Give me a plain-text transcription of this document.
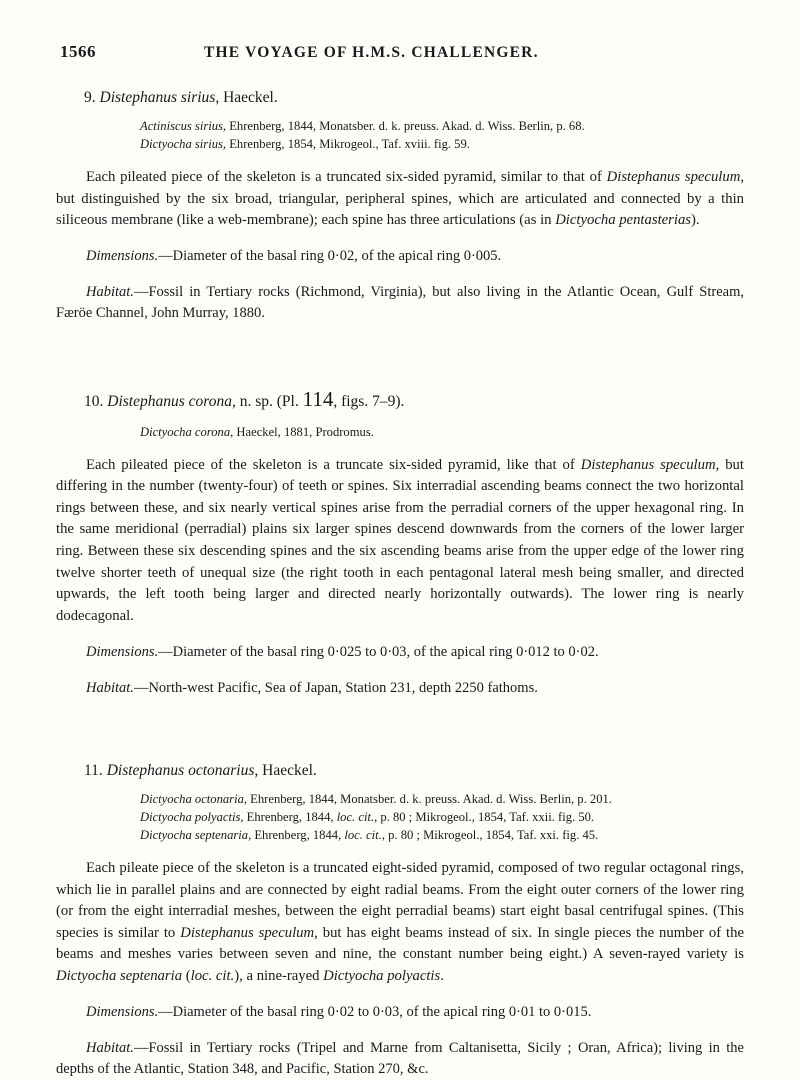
1566	THE VOYAGE OF H.M.S. CHALLENGER.
9. Distephanus sirius, Haeckel.
Actiniscus sirius, Ehrenberg, 1844, Monatsber. d. k. preuss. Akad. d. Wiss. Berlin, p. 68.
Dictyocha sirius, Ehrenberg, 1854, Mikrogeol., Taf. xviii. fig. 59.

Each pileated piece of the skeleton is a truncated six-sided pyramid, similar to that of Distephanus speculum, but distinguished by the six broad, triangular, peripheral spines, which are articulated and connected by a thin siliceous membrane (like a web-membrane); each spine has three articulations (as in Dictyocha pentasterias).

Dimensions.—Diameter of the basal ring 0·02, of the apical ring 0·005.

Habitat.—Fossil in Tertiary rocks (Richmond, Virginia), but also living in the Atlantic Ocean, Gulf Stream, Færöe Channel, John Murray, 1880.

10. Distephanus corona, n. sp. (Pl. 114, figs. 7–9).
Dictyocha corona, Haeckel, 1881, Prodromus.

Each pileated piece of the skeleton is a truncate six-sided pyramid, like that of Distephanus speculum, but differing in the number (twenty-four) of teeth or spines. Six interradial ascending beams connect the two horizontal rings between these, and six nearly vertical spines arise from the perradial corners of the upper hexagonal ring. In the same meridional (perradial) plains six larger spines descend downwards from the corners of the lower larger ring. Between these six descending spines and the six ascending beams arise from the upper edge of the lower ring twelve shorter teeth of unequal size (the right tooth in each pentagonal lateral mesh being smaller, and directed upwards, the left tooth being larger and directed nearly horizontally outwards). The lower ring is nearly dodecagonal.

Dimensions.—Diameter of the basal ring 0·025 to 0·03, of the apical ring 0·012 to 0·02.

Habitat.—North-west Pacific, Sea of Japan, Station 231, depth 2250 fathoms.

11. Distephanus octonarius, Haeckel.
Dictyocha octonaria, Ehrenberg, 1844, Monatsber. d. k. preuss. Akad. d. Wiss. Berlin, p. 201.
Dictyocha polyactis, Ehrenberg, 1844, loc. cit., p. 80 ; Mikrogeol., 1854, Taf. xxii. fig. 50.
Dictyocha septenaria, Ehrenberg, 1844, loc. cit., p. 80 ; Mikrogeol., 1854, Taf. xxi. fig. 45.

Each pileate piece of the skeleton is a truncated eight-sided pyramid, composed of two regular octagonal rings, which lie in parallel plains and are connected by eight radial beams. From the eight outer corners of the lower ring (or from the eight interradial meshes, between the eight perradial beams) start eight basal centrifugal spines. (This species is similar to Distephanus speculum, but has eight beams instead of six. In single pieces the number of the beams and meshes varies between seven and nine, the constant number being eight.) A seven-rayed variety is Dictyocha septenaria (loc. cit.), a nine-rayed Dictyocha polyactis.

Dimensions.—Diameter of the basal ring 0·02 to 0·03, of the apical ring 0·01 to 0·015.

Habitat.—Fossil in Tertiary rocks (Tripel and Marne from Caltanisetta, Sicily ; Oran, Africa); living in the depths of the Atlantic, Station 348, and Pacific, Station 270, &c.
